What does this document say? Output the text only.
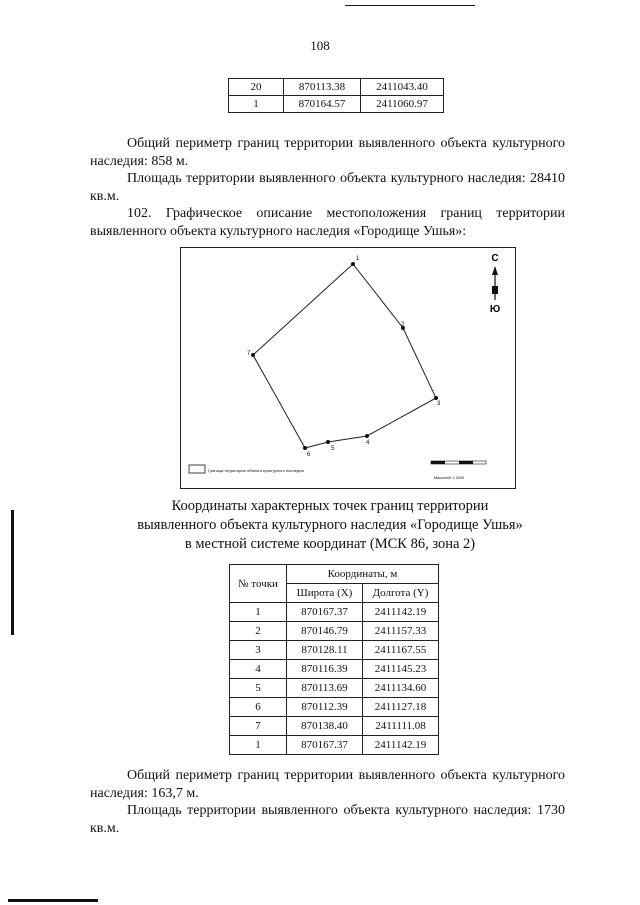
108
20	870113.38	2411043.40
1	870164.57	2411060.97
Общий периметр границ территории выявленного объекта культурного наследия: 858 м.
Площадь территории выявленного объекта культурного наследия: 28410 кв.м.
102. Графическое описание местоположения границ территории выявленного объекта культурного наследия «Городище Ушья»:
1
2
3
4
5
6
7
С
Ю
Граница территории объекта культурного наследия
Масштаб 1:1500
Координаты характерных точек границ территории
выявленного объекта культурного наследия «Городище Ушья»
в местной системе координат (МСК 86, зона 2)
№ точки	Координаты, м	
	Широта (X)	Долгота (Y)
1	870167.37	2411142.19
2	870146.79	2411157.33
3	870128.11	2411167.55
4	870116.39	2411145.23
5	870113.69	2411134.60
6	870112.39	2411127.18
7	870138.40	2411111.08
1	870167.37	2411142.19
Общий периметр границ территории выявленного объекта культурного наследия: 163,7 м.
Площадь территории выявленного объекта культурного наследия: 1730 кв.м.
